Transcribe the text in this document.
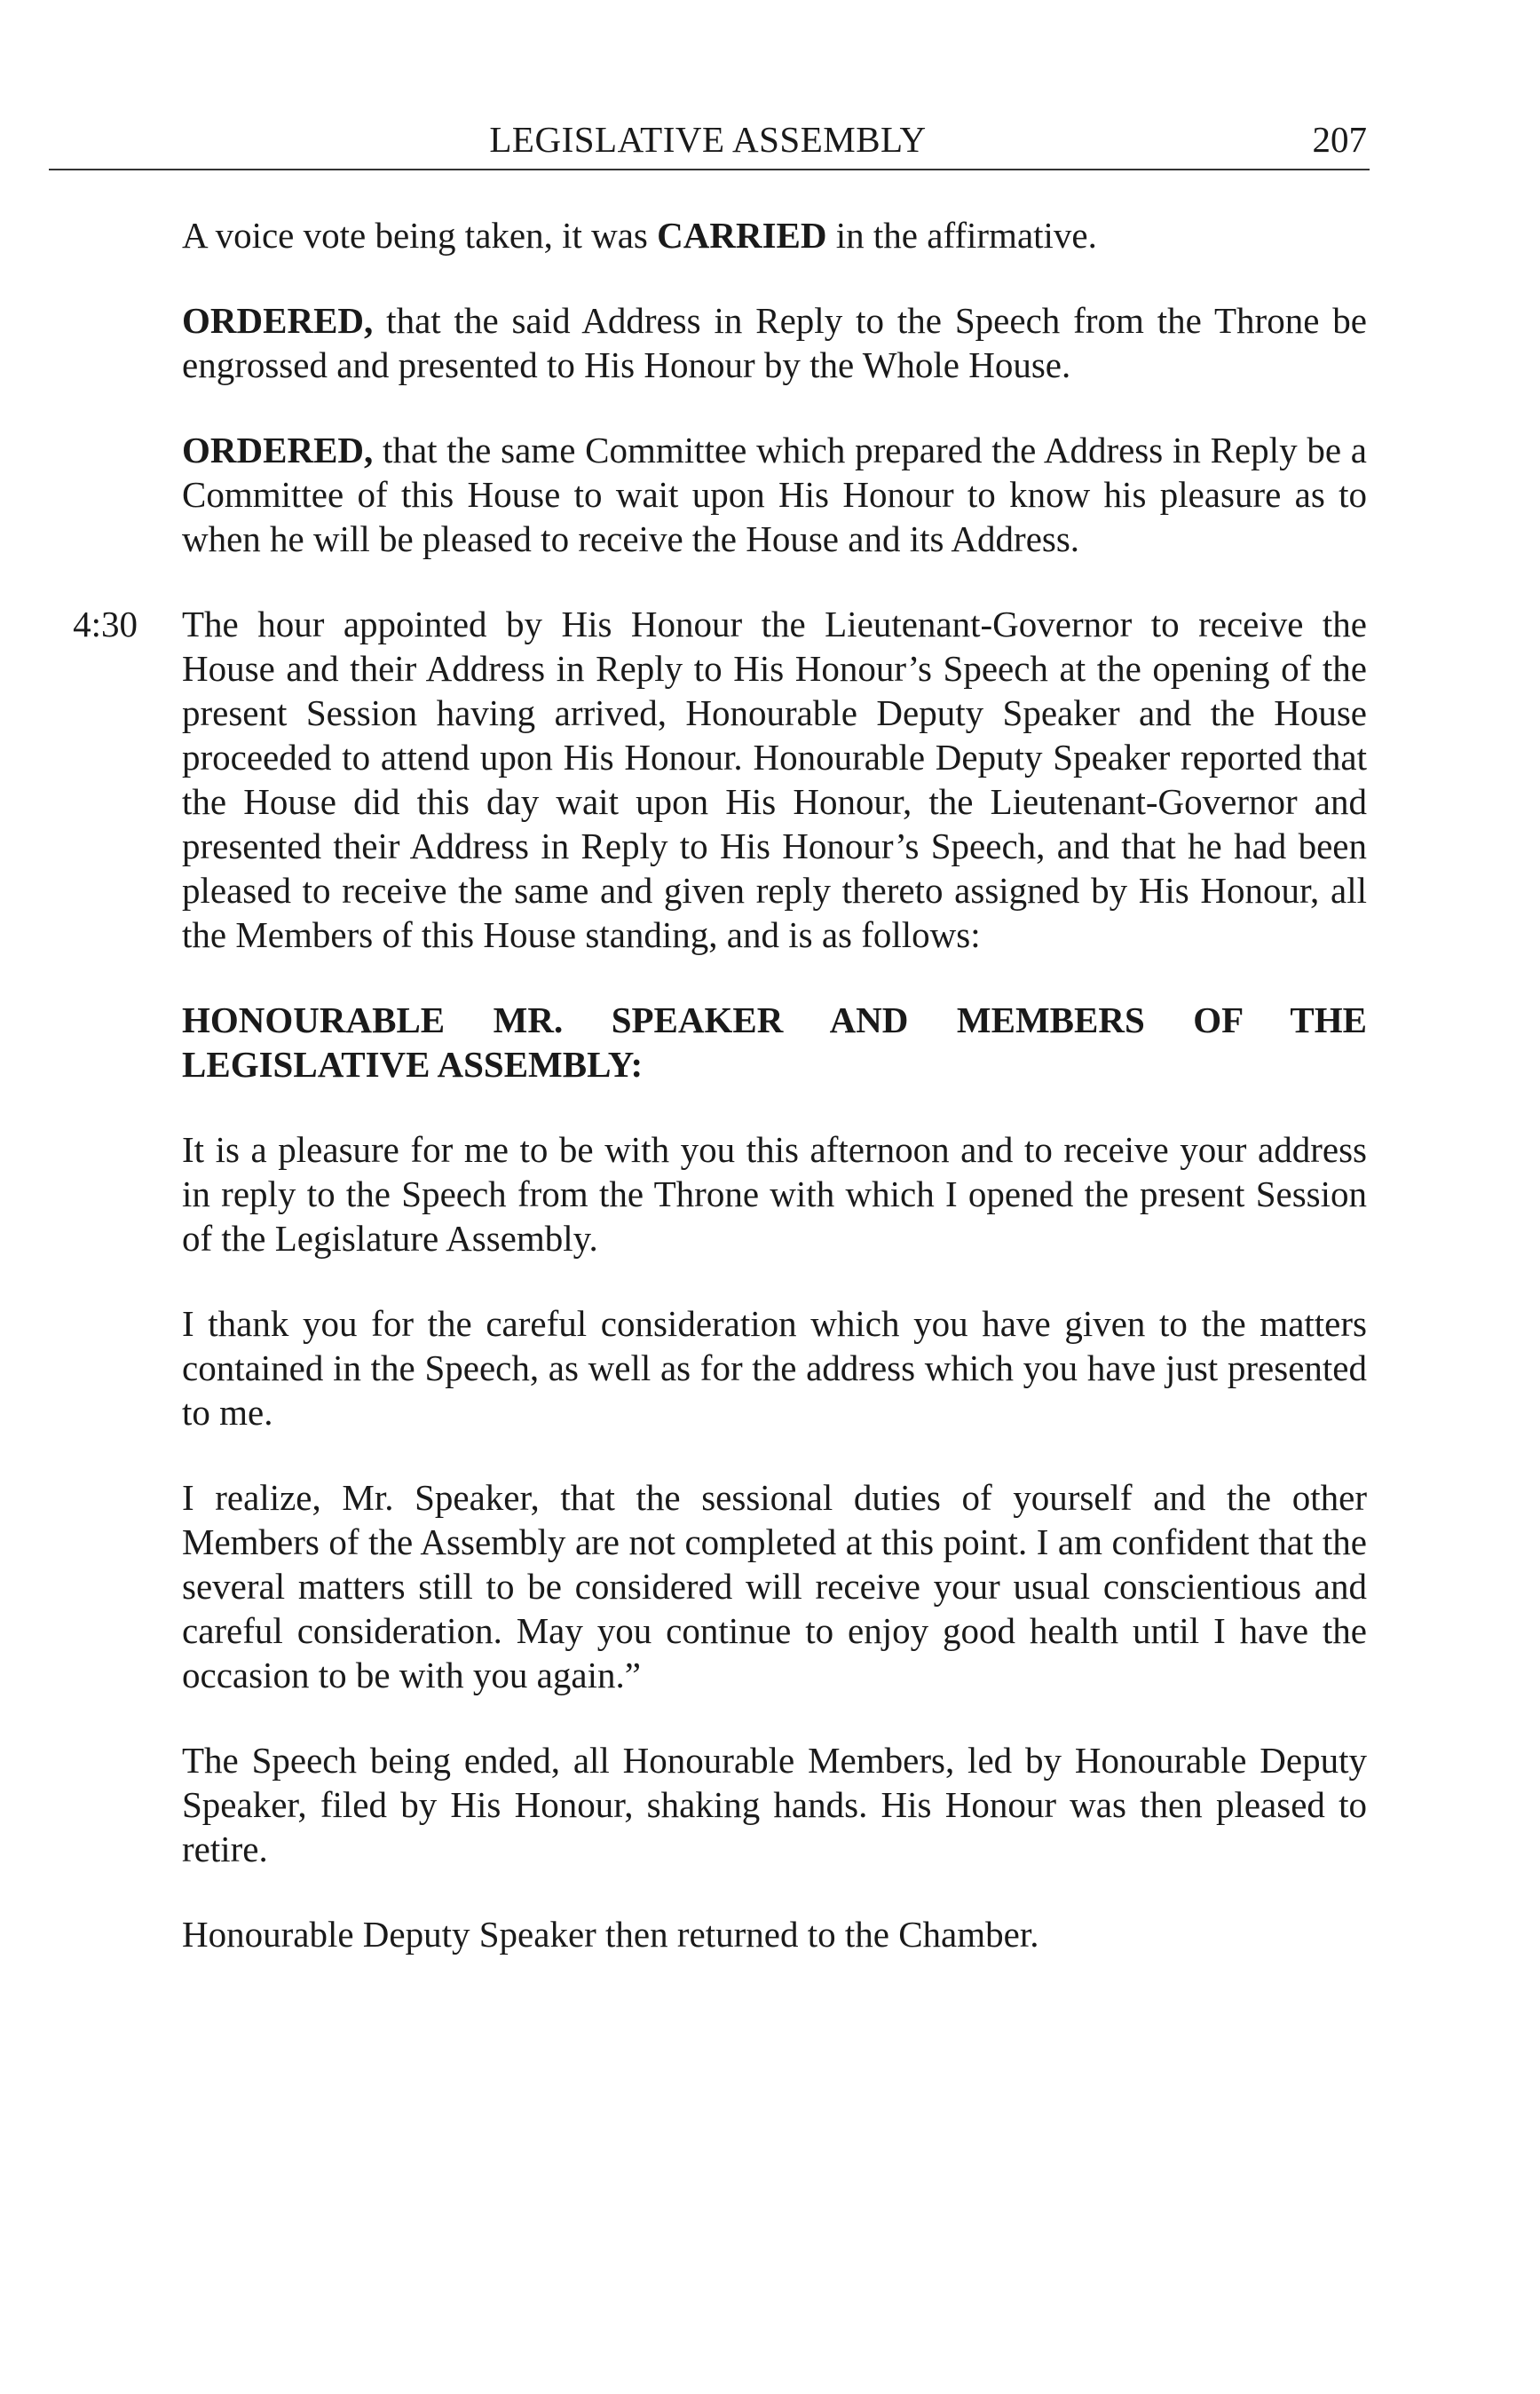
LEGISLATIVE ASSEMBLY	207

A voice vote being taken, it was CARRIED in the affirmative.

ORDERED, that the said Address in Reply to the Speech from the Throne be engrossed and presented to His Honour by the Whole House.

ORDERED, that the same Committee which prepared the Address in Reply be a Committee of this House to wait upon His Honour to know his pleasure as to when he will be pleased to receive the House and its Address.

4:30 The hour appointed by His Honour the Lieutenant-Governor to receive the House and their Address in Reply to His Honour’s Speech at the opening of the present Session having arrived, Honourable Deputy Speaker and the House proceeded to attend upon His Honour. Honourable Deputy Speaker reported that the House did this day wait upon His Honour, the Lieutenant-Governor and presented their Address in Reply to His Honour’s Speech, and that he had been pleased to receive the same and given reply thereto assigned by His Honour, all the Members of this House standing, and is as follows:

HONOURABLE MR. SPEAKER AND MEMBERS OF THE LEGISLATIVE ASSEMBLY:

It is a pleasure for me to be with you this afternoon and to receive your address in reply to the Speech from the Throne with which I opened the present Session of the Legislature Assembly.

I thank you for the careful consideration which you have given to the matters contained in the Speech, as well as for the address which you have just presented to me.

I realize, Mr. Speaker, that the sessional duties of yourself and the other Members of the Assembly are not completed at this point. I am confident that the several matters still to be considered will receive your usual conscientious and careful consideration. May you continue to enjoy good health until I have the occasion to be with you again.”

The Speech being ended, all Honourable Members, led by Honourable Deputy Speaker, filed by His Honour, shaking hands. His Honour was then pleased to retire.

Honourable Deputy Speaker then returned to the Chamber.
